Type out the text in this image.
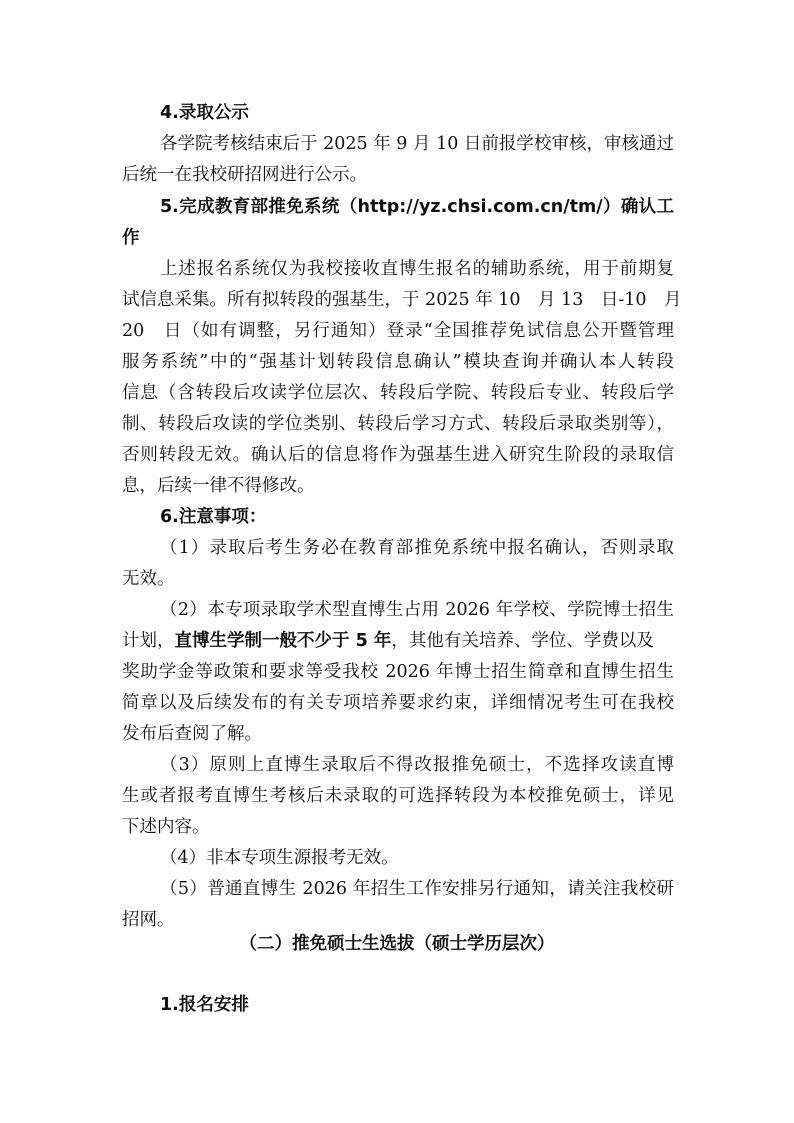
4.录取公示
各学院考核结束后于 2025 年 9 月 10 日前报学校审核，审核通过
后统一在我校研招网进行公示。
5.完成教育部推免系统（http://yz.chsi.com.cn/tm/）确认工
作
上述报名系统仅为我校接收直博生报名的辅助系统，用于前期复
试信息采集。所有拟转段的强基生，于 2025 年 10　月 13　日-10　月
20　日（如有调整，另行通知）登录“全国推荐免试信息公开暨管理
服务系统”中的“强基计划转段信息确认”模块查询并确认本人转段
信息（含转段后攻读学位层次、转段后学院、转段后专业、转段后学
制、转段后攻读的学位类别、转段后学习方式、转段后录取类别等），
否则转段无效。确认后的信息将作为强基生进入研究生阶段的录取信
息，后续一律不得修改。
6.注意事项：
（1）录取后考生务必在教育部推免系统中报名确认，否则录取
无效。
（2）本专项录取学术型直博生占用 2026 年学校、学院博士招生
计划，直博生学制一般不少于 5 年，其他有关培养、学位、学费以及
奖助学金等政策和要求等受我校 2026 年博士招生简章和直博生招生
简章以及后续发布的有关专项培养要求约束，详细情况考生可在我校
发布后查阅了解。
（3）原则上直博生录取后不得改报推免硕士，不选择攻读直博
生或者报考直博生考核后未录取的可选择转段为本校推免硕士，详见
下述内容。
（4）非本专项生源报考无效。
（5）普通直博生 2026 年招生工作安排另行通知，请关注我校研
招网。
（二）推免硕士生选拔（硕士学历层次）
1.报名安排
